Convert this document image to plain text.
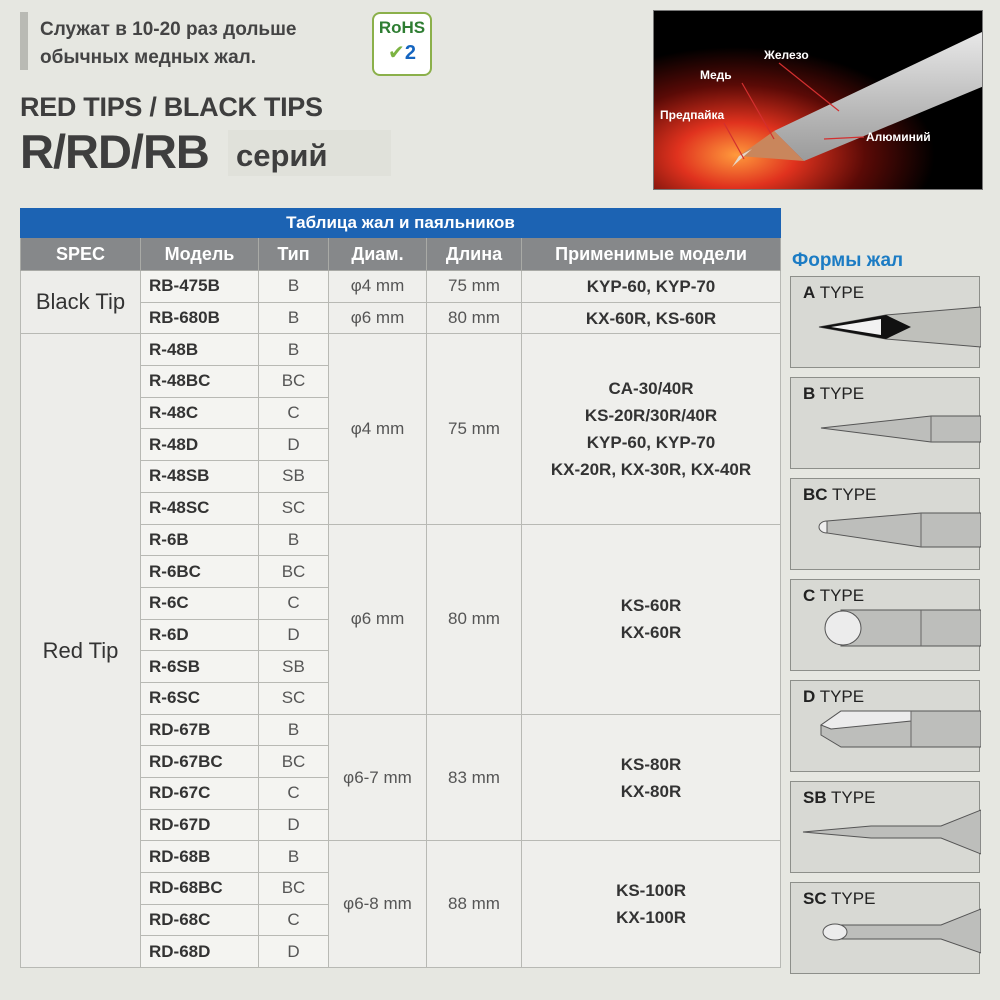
Служат в 10-20 раз дольше
обычных медных жал.
RoHS
✔2
RED TIPS / BLACK TIPS
R/RD/RB серий
Железо
Медь
Предпайка
Алюминий
Таблица жал и паяльников					
SPEC	Модель	Тип	Диам.	Длина	Применимые модели
Black Tip	RB-475B	B	φ4 mm	75 mm	KYP-60, KYP-70
	RB-680B	B	φ6 mm	80 mm	KX-60R, KS-60R
Red Tip	R-48B	B	φ4 mm	75 mm	CA-30/40R
KS-20R/30R/40R
KYP-60, KYP-70
KX-20R, KX-30R, KX-40R

	R-48BC	BC			
	R-48C	C			
	R-48D	D			
	R-48SB	SB			
	R-48SC	SC			
	R-6B	B	φ6 mm	80 mm	KS-60R
KX-60R

	R-6BC	BC			
	R-6C	C			
	R-6D	D			
	R-6SB	SB			
	R-6SC	SC			
	RD-67B	B	φ6-7 mm	83 mm	KS-80R
KX-80R

	RD-67BC	BC			
	RD-67C	C			
	RD-67D	D			
	RD-68B	B	φ6-8 mm	88 mm	KS-100R
KX-100R

	RD-68BC	BC			
	RD-68C	C			
	RD-68D	D			
Формы жал
A TYPE
B TYPE
BC TYPE
C TYPE
D TYPE
SB TYPE
SC TYPE
